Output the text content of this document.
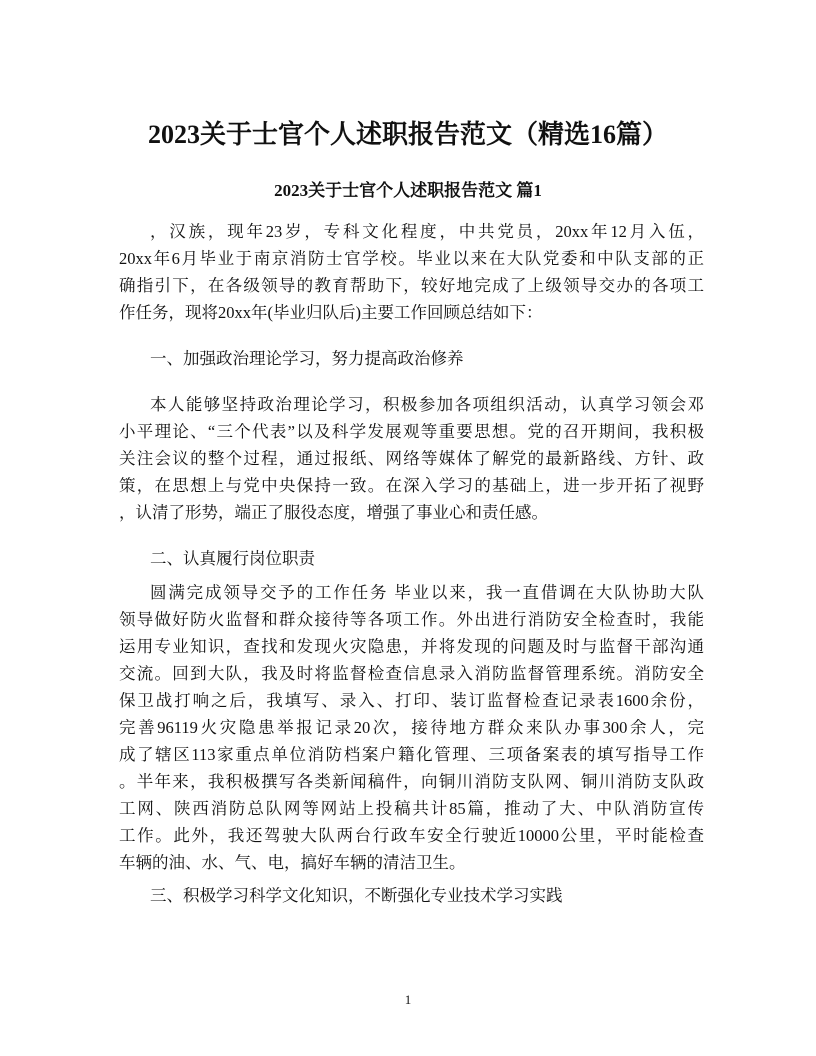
2023关于士官个人述职报告范文（精选16篇）
2023关于士官个人述职报告范文 篇1
，汉族，现年23岁，专科文化程度，中共党员，20xx年12月入伍，
20xx年6月毕业于南京消防士官学校。毕业以来在大队党委和中队支部的正
确指引下，在各级领导的教育帮助下，较好地完成了上级领导交办的各项工
作任务，现将20xx年(毕业归队后)主要工作回顾总结如下：
一、加强政治理论学习，努力提高政治修养
本人能够坚持政治理论学习，积极参加各项组织活动，认真学习领会邓
小平理论、“三个代表”以及科学发展观等重要思想。党的召开期间，我积极
关注会议的整个过程，通过报纸、网络等媒体了解党的最新路线、方针、政
策，在思想上与党中央保持一致。在深入学习的基础上，进一步开拓了视野
，认清了形势，端正了服役态度，增强了事业心和责任感。
二、认真履行岗位职责
圆满完成领导交予的工作任务 毕业以来，我一直借调在大队协助大队
领导做好防火监督和群众接待等各项工作。外出进行消防安全检查时，我能
运用专业知识，查找和发现火灾隐患，并将发现的问题及时与监督干部沟通
交流。回到大队，我及时将监督检查信息录入消防监督管理系统。消防安全
保卫战打响之后，我填写、录入、打印、装订监督检查记录表1600余份，
完善96119火灾隐患举报记录20次，接待地方群众来队办事300余人，完
成了辖区113家重点单位消防档案户籍化管理、三项备案表的填写指导工作
。半年来，我积极撰写各类新闻稿件，向铜川消防支队网、铜川消防支队政
工网、陕西消防总队网等网站上投稿共计85篇，推动了大、中队消防宣传
工作。此外，我还驾驶大队两台行政车安全行驶近10000公里，平时能检查
车辆的油、水、气、电，搞好车辆的清洁卫生。
三、积极学习科学文化知识，不断强化专业技术学习实践
1
